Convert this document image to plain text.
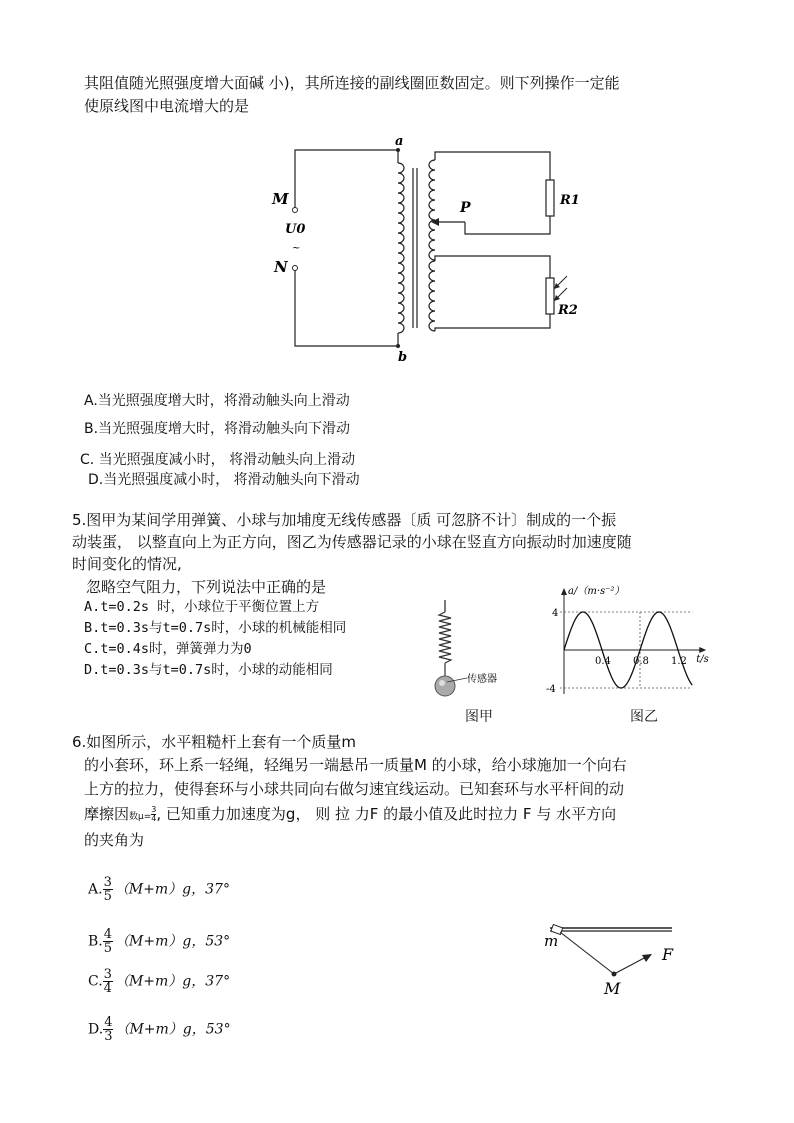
其阻值随光照强度增大面碱 小)，其所连接的副线圈匝数固定。则下列操作一定能
使原线图中电流增大的是
a
b
M
N
U0
~
P	R1
R2
A.当光照强度增大时，将滑动触头向上滑动
B.当光照强度增大时，将滑动触头向下滑动
C. 当光照强度减小时， 将滑动触头向上滑动
D.当光照强度减小时， 将滑动触头向下滑动
5.图甲为某间学用弹簧、小球与加埔度无线传感器〔质 可忽脐不计〕制成的一个振
动装蛋， 以整直向上为正方向，图乙为传感器记录的小球在竖直方向振动时加速度随
时间变化的情况,
忽略空气阻力，下列说法中正确的是
A.t=0.2s 时，小球位于平衡位置上方
B.t=0.3s与t=0.7s时，小球的机械能相同
C.t=0.4s时，弹簧弹力为0
D.t=0.3s与t=0.7s时，小球的动能相同
传感器
图甲
0.4 0.8 1.2
4
-4
a/（m·s⁻²）
t/s
图乙
6.如图所示，水平粗糙杆上套有一个质量m
的小套环，环上系一轻绳，轻绳另一端悬吊一质量M 的小球，给小球施加一个向右
上方的拉力，使得套环与小球共同向右做匀速宜线运动。已知套环与水平杆间的动
摩擦因数$\mu= \frac{3}{4}$ , 已知重力加速度为g， 则 拉 力F 的最小值及此时拉力 F 与 水平方向
的夹角为
A. $\frac{3}{5} (M+m)g$，37°
B. $\frac{4}{5} (M+m)g$，53°
C. $\frac{3}{4} (M+m)g$，37°
D. $\frac{4}{3} (M+m)g$，53°
m
M
F
